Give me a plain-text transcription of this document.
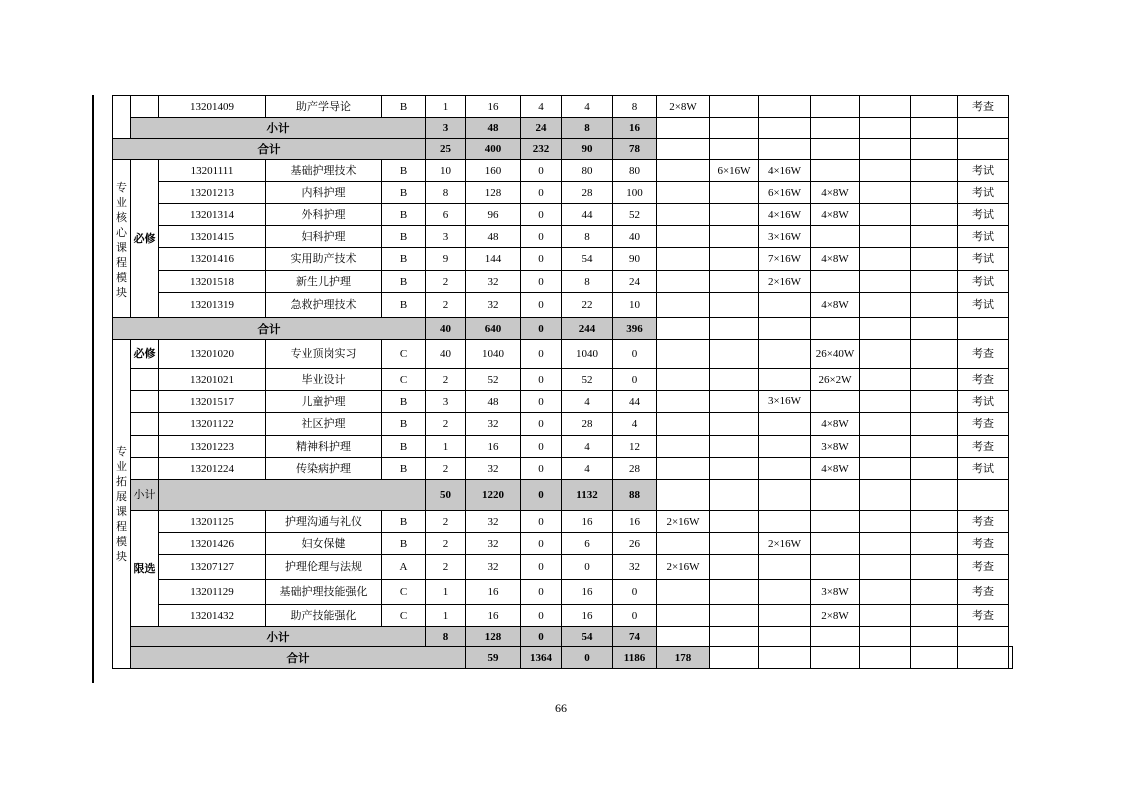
		13201409	助产学导论	B	1	16	4	4	8	2×8W						考查	
	小计				3	48	24	8	16								
合计					25	400	232	90	78								
专业核心课程模块	必修	13201111	基础护理技术	B	10	160	0	80	80		6×16W	4×16W				考试	
		13201213	内科护理	B	8	128	0	28	100			6×16W	4×8W			考试	
		13201314	外科护理	B	6	96	0	44	52			4×16W	4×8W			考试	
		13201415	妇科护理	B	3	48	0	8	40			3×16W				考试	
		13201416	实用助产技术	B	9	144	0	54	90			7×16W	4×8W			考试	
		13201518	新生儿护理	B	2	32	0	8	24			2×16W				考试	
		13201319	急救护理技术	B	2	32	0	22	10				4×8W			考试	
合计					40	640	0	244	396								
专业拓展课程模块	必修	13201020	专业顶岗实习	C	40	1040	0	1040	0				26×40W			考查	
		13201021	毕业设计	C	2	52	0	52	0				26×2W			考查	
		13201517	儿童护理	B	3	48	0	4	44			3×16W				考试	
		13201122	社区护理	B	2	32	0	28	4				4×8W			考查	
		13201223	精神科护理	B	1	16	0	4	12				3×8W			考查	
		13201224	传染病护理	B	2	32	0	4	28				4×8W			考试	
	小计				50	1220	0	1132	88								
	限选	13201125	护理沟通与礼仪	B	2	32	0	16	16	2×16W						考查	
		13201426	妇女保健	B	2	32	0	6	26			2×16W				考查	
		13207127	护理伦理与法规	A	2	32	0	0	32	2×16W						考查	
		13201129	基础护理技能强化	C	1	16	0	16	0				3×8W			考查	
		13201432	助产技能强化	C	1	16	0	16	0				2×8W			考查	
	小计				8	128	0	54	74								
	合计					59	1364	0	1186	178							
66
